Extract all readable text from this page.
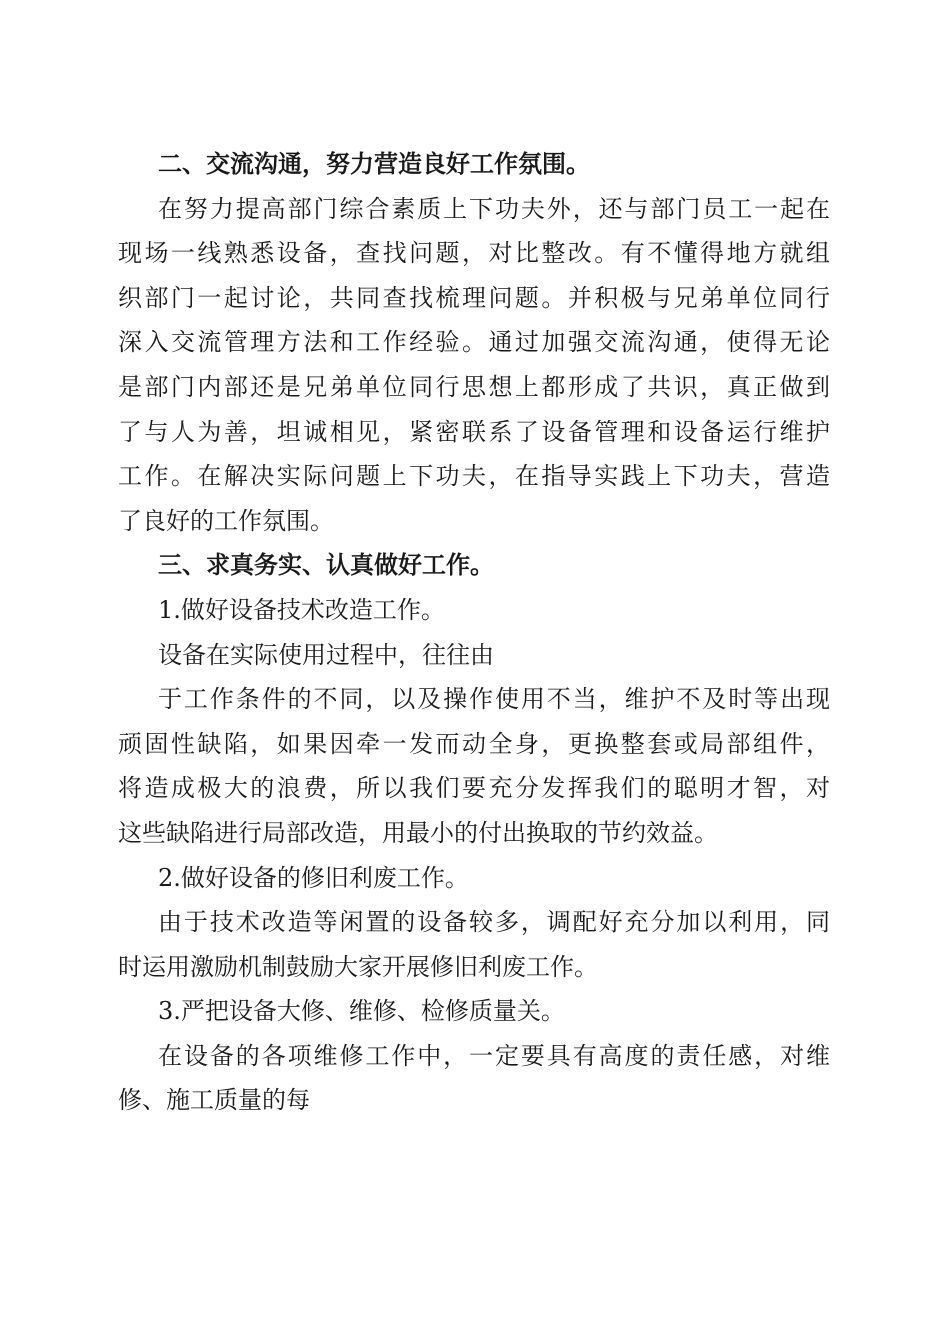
二、交流沟通，努力营造良好工作氛围。
在努力提高部门综合素质上下功夫外，还与部门员工一起在
现场一线熟悉设备，查找问题，对比整改。有不懂得地方就组
织部门一起讨论，共同查找梳理问题。并积极与兄弟单位同行
深入交流管理方法和工作经验。通过加强交流沟通，使得无论
是部门内部还是兄弟单位同行思想上都形成了共识，真正做到
了与人为善，坦诚相见，紧密联系了设备管理和设备运行维护
工作。在解决实际问题上下功夫，在指导实践上下功夫，营造
了良好的工作氛围。
三、求真务实、认真做好工作。
1.做好设备技术改造工作。
设备在实际使用过程中，往往由
于工作条件的不同，以及操作使用不当，维护不及时等出现
顽固性缺陷，如果因牵一发而动全身，更换整套或局部组件，
将造成极大的浪费，所以我们要充分发挥我们的聪明才智，对
这些缺陷进行局部改造，用最小的付出换取的节约效益。
2.做好设备的修旧利废工作。
由于技术改造等闲置的设备较多，调配好充分加以利用，同
时运用激励机制鼓励大家开展修旧利废工作。
3.严把设备大修、维修、检修质量关。
在设备的各项维修工作中，一定要具有高度的责任感，对维
修、施工质量的每
